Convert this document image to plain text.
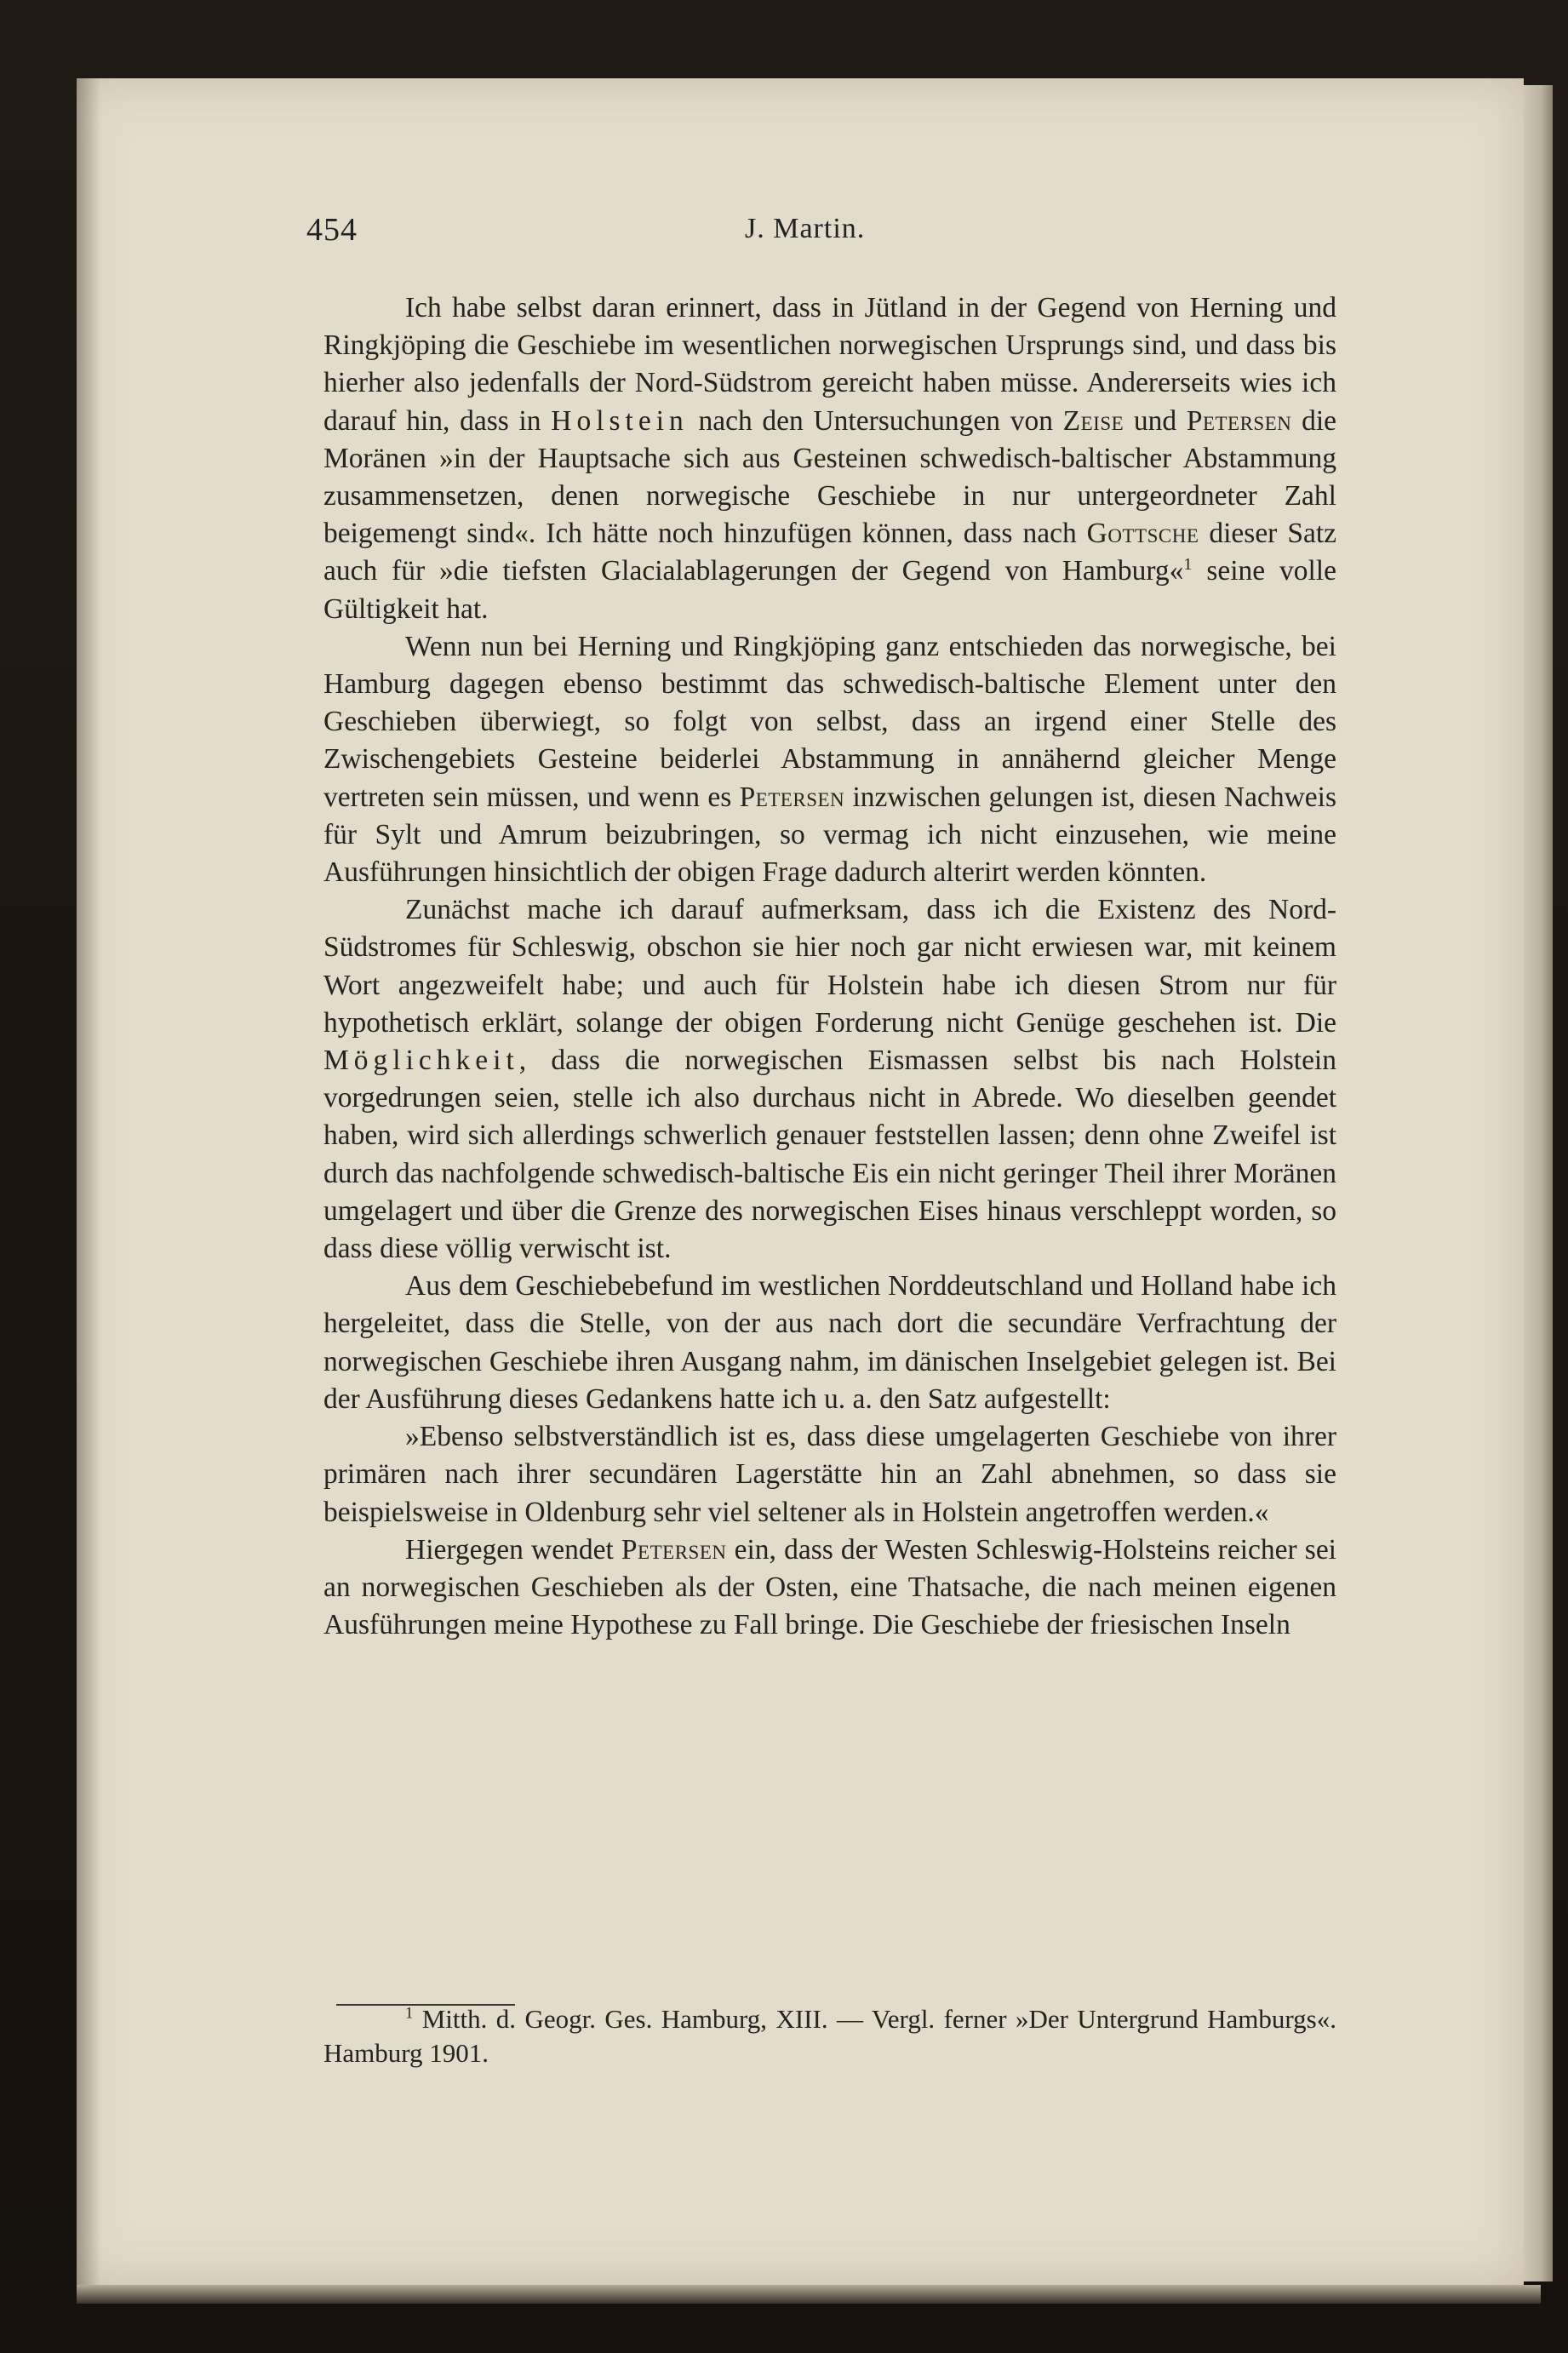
454	J. Martin.

Ich habe selbst daran erinnert, dass in Jütland in der Gegend von Herning und Ringkjöping die Geschiebe im wesentlichen norwegischen Ursprungs sind, und dass bis hierher also jedenfalls der Nord-Südstrom gereicht haben müsse. Andererseits wies ich darauf hin, dass in Holstein nach den Untersuchungen von Zeise und Petersen die Moränen »in der Hauptsache sich aus Gesteinen schwedisch-baltischer Abstammung zusammensetzen, denen norwegische Geschiebe in nur untergeordneter Zahl beigemengt sind«. Ich hätte noch hinzufügen können, dass nach Gottsche dieser Satz auch für »die tiefsten Glacialablagerungen der Gegend von Hamburg«$^1$ seine volle Gültigkeit hat.

Wenn nun bei Herning und Ringkjöping ganz entschieden das norwegische, bei Hamburg dagegen ebenso bestimmt das schwedisch-baltische Element unter den Geschieben überwiegt, so folgt von selbst, dass an irgend einer Stelle des Zwischengebiets Gesteine beiderlei Abstammung in annähernd gleicher Menge vertreten sein müssen, und wenn es Petersen inzwischen gelungen ist, diesen Nachweis für Sylt und Amrum beizubringen, so vermag ich nicht einzusehen, wie meine Ausführungen hinsichtlich der obigen Frage dadurch alterirt werden könnten.

Zunächst mache ich darauf aufmerksam, dass ich die Existenz des Nord-Südstromes für Schleswig, obschon sie hier noch gar nicht erwiesen war, mit keinem Wort angezweifelt habe; und auch für Holstein habe ich diesen Strom nur für hypothetisch erklärt, solange der obigen Forderung nicht Genüge geschehen ist. Die Möglichkeit, dass die norwegischen Eismassen selbst bis nach Holstein vorgedrungen seien, stelle ich also durchaus nicht in Abrede. Wo dieselben geendet haben, wird sich allerdings schwerlich genauer feststellen lassen; denn ohne Zweifel ist durch das nachfolgende schwedisch-baltische Eis ein nicht geringer Theil ihrer Moränen umgelagert und über die Grenze des norwegischen Eises hinaus verschleppt worden, so dass diese völlig verwischt ist.

Aus dem Geschiebebefund im westlichen Norddeutschland und Holland habe ich hergeleitet, dass die Stelle, von der aus nach dort die secundäre Verfrachtung der norwegischen Geschiebe ihren Ausgang nahm, im dänischen Inselgebiet gelegen ist. Bei der Ausführung dieses Gedankens hatte ich u. a. den Satz aufgestellt:

»Ebenso selbstverständlich ist es, dass diese umgelagerten Geschiebe von ihrer primären nach ihrer secundären Lagerstätte hin an Zahl abnehmen, so dass sie beispielsweise in Oldenburg sehr viel seltener als in Holstein angetroffen werden.«

Hiergegen wendet Petersen ein, dass der Westen Schleswig-Holsteins reicher sei an norwegischen Geschieben als der Osten, eine Thatsache, die nach meinen eigenen Ausführungen meine Hypothese zu Fall bringe. Die Geschiebe der friesischen Inseln

$^1$ Mitth. d. Geogr. Ges. Hamburg, XIII. — Vergl. ferner »Der Untergrund Hamburgs«. Hamburg 1901.
